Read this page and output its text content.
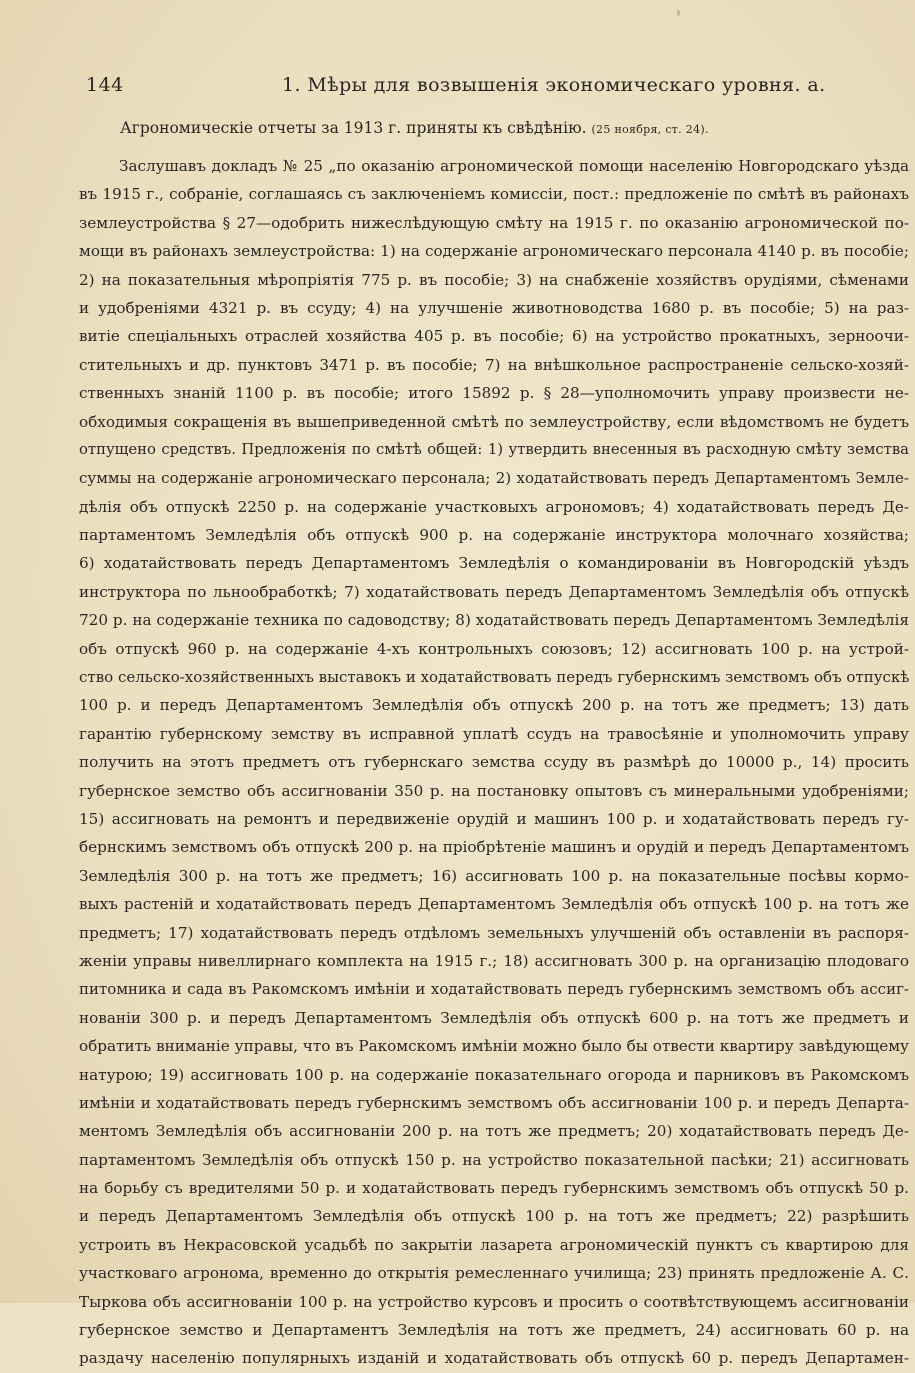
144	1. Мѣры для возвышенія экономическаго уровня. а.
Агрономическіе отчеты за 1913 г. приняты къ свѣдѣнію. (25 ноября, ст. 24).
Заслушавъ докладъ № 25 „по оказанію агрономической помощи населенію Новгородскаго уѣзда
въ 1915 г., собраніе, соглашаясь съ заключеніемъ комиссіи, пост.: предложеніе по смѣтѣ въ районахъ
землеустройства § 27—одобрить нижеслѣдующую смѣту на 1915 г. по оказанію агрономической по-
мощи въ районахъ землеустройства: 1) на содержаніе агрономическаго персонала 4140 р. въ пособіе;
2) на показательныя мѣропріятія 775 р. въ пособіе; 3) на снабженіе хозяйствъ орудіями, сѣменами
и удобреніями 4321 р. въ ссуду; 4) на улучшеніе животноводства 1680 р. въ пособіе; 5) на раз-
витіе спеціальныхъ отраслей хозяйства 405 р. въ пособіе; 6) на устройство прокатныхъ, зерноочи-
стительныхъ и др. пунктовъ 3471 р. въ пособіе; 7) на внѣшкольное распространеніе сельско-хозяй-
ственныхъ знаній 1100 р. въ пособіе; итого 15892 р. § 28—уполномочить управу произвести не-
обходимыя сокращенія въ вышеприведенной смѣтѣ по землеустройству, если вѣдомствомъ не будетъ
отпущено средствъ. Предложенія по смѣтѣ общей: 1) утвердить внесенныя въ расходную смѣту земства
суммы на содержаніе агрономическаго персонала; 2) ходатайствовать передъ Департаментомъ Земле-
дѣлія объ отпускѣ 2250 р. на содержаніе участковыхъ агрономовъ; 4) ходатайствовать передъ Де-
партаментомъ Земледѣлія объ отпускѣ 900 р. на содержаніе инструктора молочнаго хозяйства;
6) ходатайствовать передъ Департаментомъ Земледѣлія о командированіи въ Новгородскій уѣздъ
инструктора по льнообработкѣ; 7) ходатайствовать передъ Департаментомъ Земледѣлія объ отпускѣ
720 р. на содержаніе техника по садоводству; 8) ходатайствовать передъ Департаментомъ Земледѣлія
объ отпускѣ 960 р. на содержаніе 4-хъ контрольныхъ союзовъ; 12) ассигновать 100 р. на устрой-
ство сельско-хозяйственныхъ выставокъ и ходатайствовать передъ губернскимъ земствомъ объ отпускѣ
100 р. и передъ Департаментомъ Земледѣлія объ отпускѣ 200 р. на тотъ же предметъ; 13) дать
гарантію губернскому земству въ исправной уплатѣ ссудъ на травосѣяніе и уполномочить управу
получить на этотъ предметъ отъ губернскаго земства ссуду въ размѣрѣ до 10000 р., 14) просить
губернское земство объ ассигнованіи 350 р. на постановку опытовъ съ минеральными удобреніями;
15) ассигновать на ремонтъ и передвиженіе орудій и машинъ 100 р. и ходатайствовать передъ гу-
бернскимъ земствомъ объ отпускѣ 200 р. на пріобрѣтеніе машинъ и орудій и передъ Департаментомъ
Земледѣлія 300 р. на тотъ же предметъ; 16) ассигновать 100 р. на показательные посѣвы кормо-
выхъ растеній и ходатайствовать передъ Департаментомъ Земледѣлія объ отпускѣ 100 р. на тотъ же
предметъ; 17) ходатайствовать передъ отдѣломъ земельныхъ улучшеній объ оставленіи въ распоря-
женіи управы нивеллирнаго комплекта на 1915 г.; 18) ассигновать 300 р. на организацію плодоваго
питомника и сада въ Ракомскомъ имѣніи и ходатайствовать передъ губернскимъ земствомъ объ ассиг-
нованіи 300 р. и передъ Департаментомъ Земледѣлія объ отпускѣ 600 р. на тотъ же предметъ и
обратить вниманіе управы, что въ Ракомскомъ имѣніи можно было бы отвести квартиру завѣдующему
натурою; 19) ассигновать 100 р. на содержаніе показательнаго огорода и парниковъ въ Ракомскомъ
имѣніи и ходатайствовать передъ губернскимъ земствомъ объ ассигнованіи 100 р. и передъ Департа-
ментомъ Земледѣлія объ ассигнованіи 200 р. на тотъ же предметъ; 20) ходатайствовать передъ Де-
партаментомъ Земледѣлія объ отпускѣ 150 р. на устройство показательной пасѣки; 21) ассигновать
на борьбу съ вредителями 50 р. и ходатайствовать передъ губернскимъ земствомъ объ отпускѣ 50 р.
и передъ Департаментомъ Земледѣлія объ отпускѣ 100 р. на тотъ же предметъ; 22) разрѣшить
устроить въ Некрасовской усадьбѣ по закрытіи лазарета агрономическій пунктъ съ квартирою для
участковаго агронома, временно до открытія ремесленнаго училища; 23) принять предложеніе А. С.
Тыркова объ ассигнованіи 100 р. на устройство курсовъ и просить о соотвѣтствующемъ ассигнованіи
губернское земство и Департаментъ Земледѣлія на тотъ же предметъ, 24) ассигновать 60 р. на
раздачу населенію популярныхъ изданій и ходатайствовать объ отпускѣ 60 р. передъ Департамен-
